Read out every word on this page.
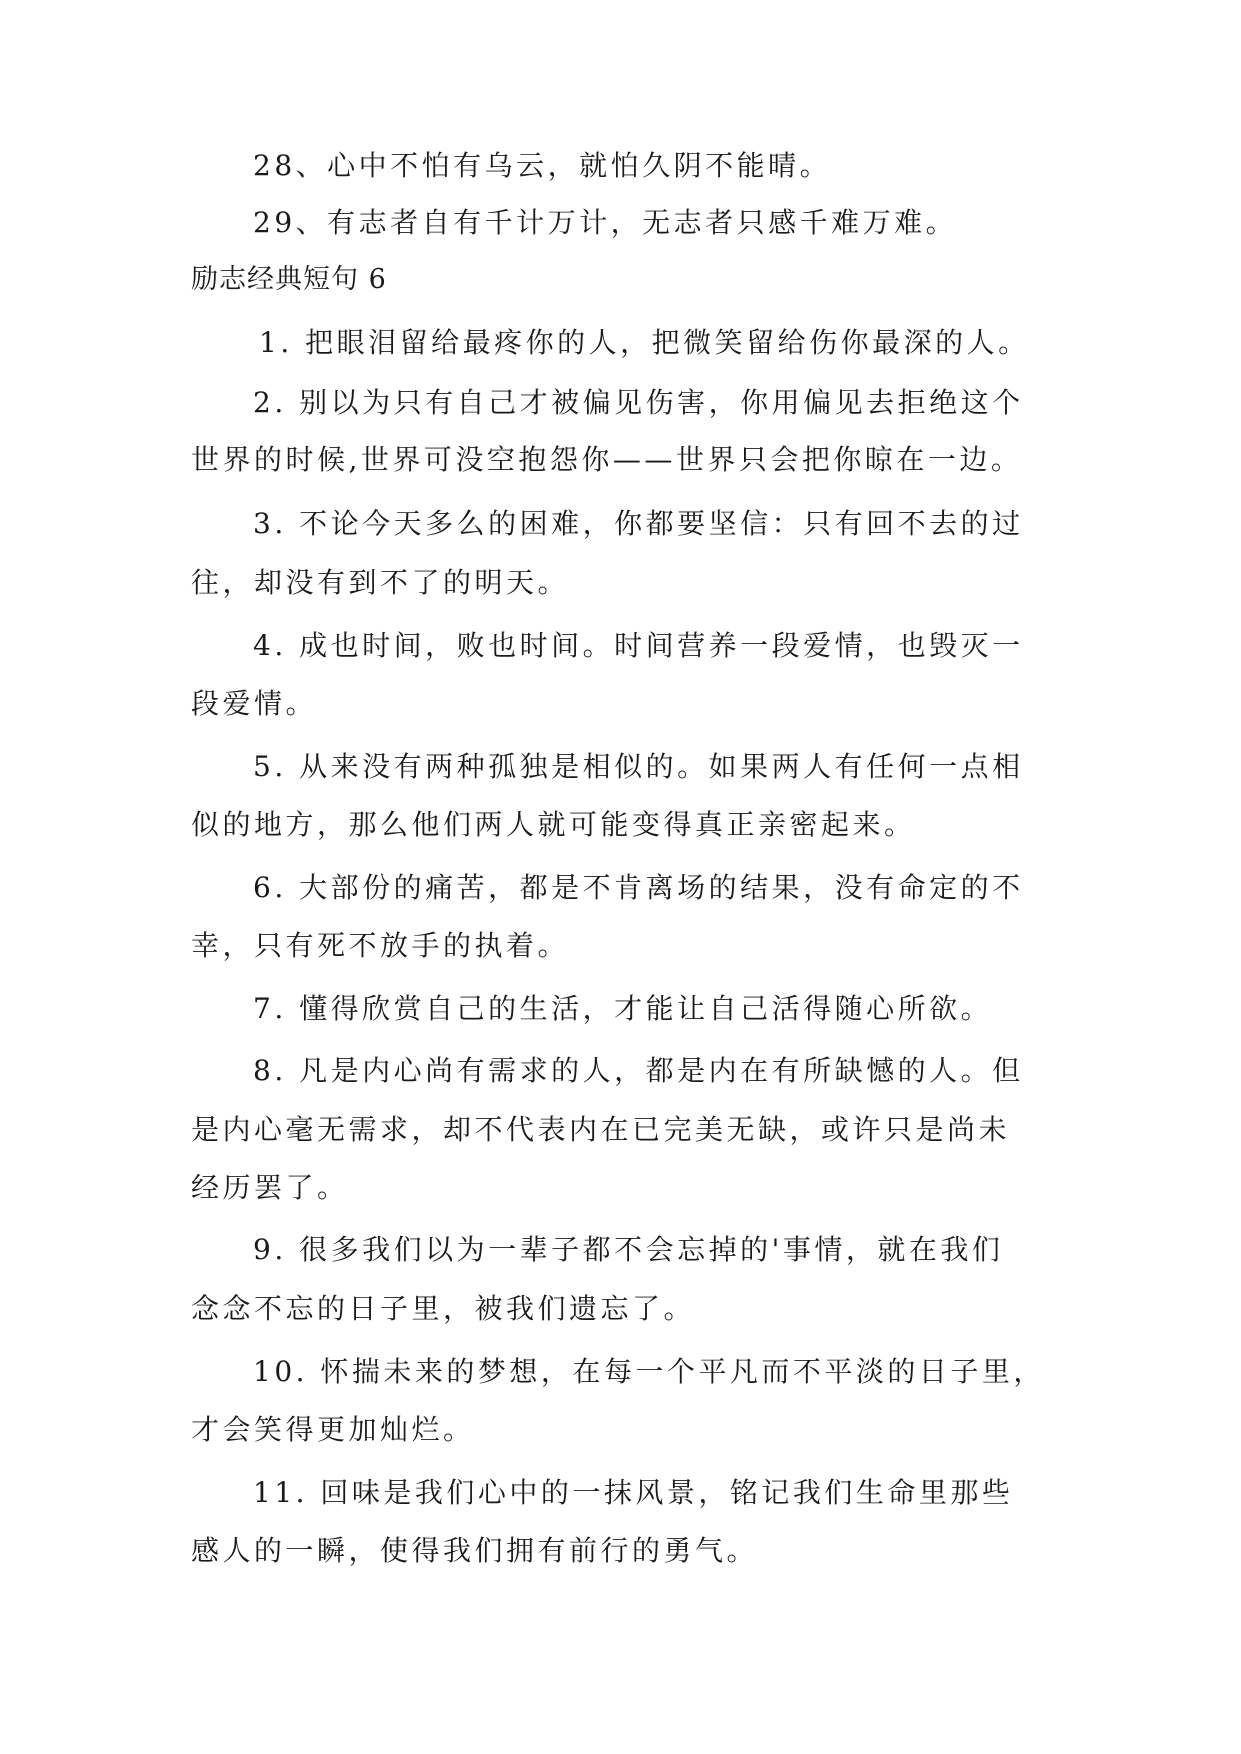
28、心中不怕有乌云，就怕久阴不能晴。
29、有志者自有千计万计，无志者只感千难万难。
励志经典短句 6
1. 把眼泪留给最疼你的人，把微笑留给伤你最深的人。
2. 别以为只有自己才被偏见伤害，你用偏见去拒绝这个
世界的时候,世界可没空抱怨你——世界只会把你晾在一边。
3. 不论今天多么的困难，你都要坚信：只有回不去的过
往，却没有到不了的明天。
4. 成也时间，败也时间。时间营养一段爱情，也毁灭一
段爱情。
5. 从来没有两种孤独是相似的。如果两人有任何一点相
似的地方，那么他们两人就可能变得真正亲密起来。
6. 大部份的痛苦，都是不肯离场的结果，没有命定的不
幸，只有死不放手的执着。
7. 懂得欣赏自己的生活，才能让自己活得随心所欲。
8. 凡是内心尚有需求的人，都是内在有所缺憾的人。但
是内心毫无需求，却不代表内在已完美无缺，或许只是尚未
经历罢了。
9. 很多我们以为一辈子都不会忘掉的'事情，就在我们
念念不忘的日子里，被我们遗忘了。
10. 怀揣未来的梦想，在每一个平凡而不平淡的日子里，
才会笑得更加灿烂。
11. 回味是我们心中的一抹风景，铭记我们生命里那些
感人的一瞬，使得我们拥有前行的勇气。
